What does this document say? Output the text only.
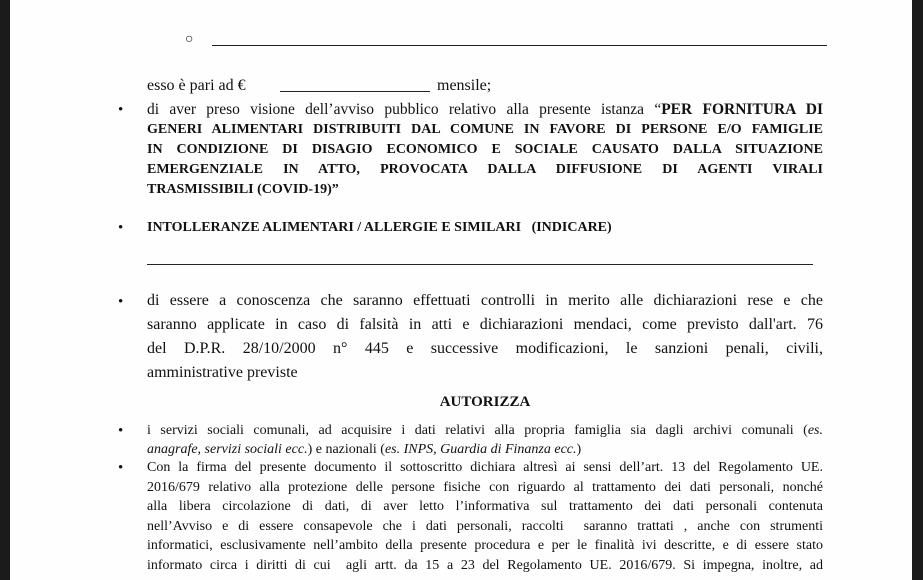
○
esso è pari ad €	mensile;
• di aver preso visione dell’avviso pubblico relativo alla presente istanza “PER FORNITURA DI
GENERI ALIMENTARI DISTRIBUITI DAL COMUNE IN FAVORE DI PERSONE E/O FAMIGLIE
IN CONDIZIONE DI DISAGIO ECONOMICO E SOCIALE CAUSATO DALLA SITUAZIONE
EMERGENZIALE IN ATTO, PROVOCATA DALLA DIFFUSIONE DI AGENTI VIRALI
TRASMISSIBILI (COVID-19)”
• INTOLLERANZE ALIMENTARI / ALLERGIE E SIMILARI   (INDICARE)
• di essere a conoscenza che saranno effettuati controlli in merito alle dichiarazioni rese e che
saranno applicate in caso di falsità in atti e dichiarazioni mendaci, come previsto dall'art. 76
del D.P.R. 28/10/2000 n° 445 e successive modificazioni, le sanzioni penali, civili,
amministrative previste
AUTORIZZA
• i servizi sociali comunali, ad acquisire i dati relativi alla propria famiglia sia dagli archivi comunali (es.
anagrafe, servizi sociali ecc.) e nazionali (es. INPS, Guardia di Finanza ecc.)
• Con la firma del presente documento il sottoscritto dichiara altresì ai sensi dell’art. 13 del Regolamento UE.
2016/679 relativo alla protezione delle persone fisiche con riguardo al trattamento dei dati personali, nonché
alla libera circolazione di dati, di aver letto l’informativa sul trattamento dei dati personali contenuta
nell’Avviso e di essere consapevole che i dati personali, raccolti  saranno trattati , anche con strumenti
informatici, esclusivamente nell’ambito della presente procedura e per le finalità ivi descritte, e di essere stato
informato circa i diritti di cui  agli artt. da 15 a 23 del Regolamento UE. 2016/679. Si impegna, inoltre, ad
